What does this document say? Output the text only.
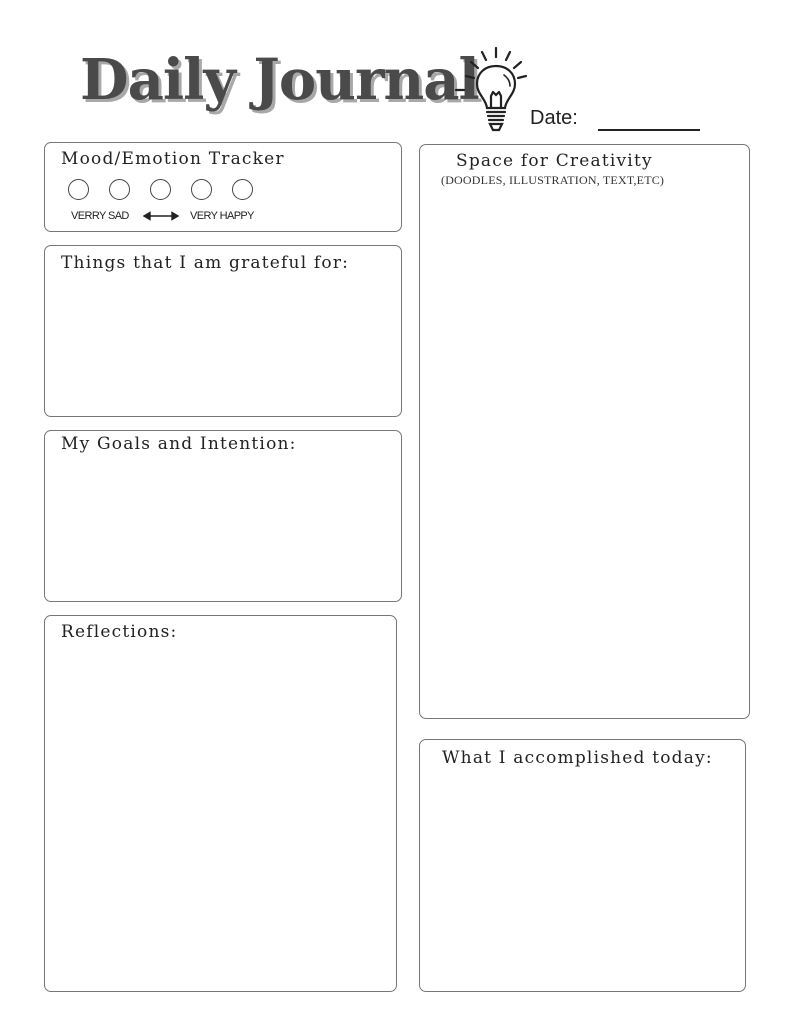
Daily Journal
Date:
Mood/Emotion Tracker
VERRY SAD	VERY HAPPY
Things that I am grateful for:
My Goals and Intention:
Reflections:
Space for Creativity
(DOODLES, ILLUSTRATION, TEXT,ETC)
What I accomplished today:
